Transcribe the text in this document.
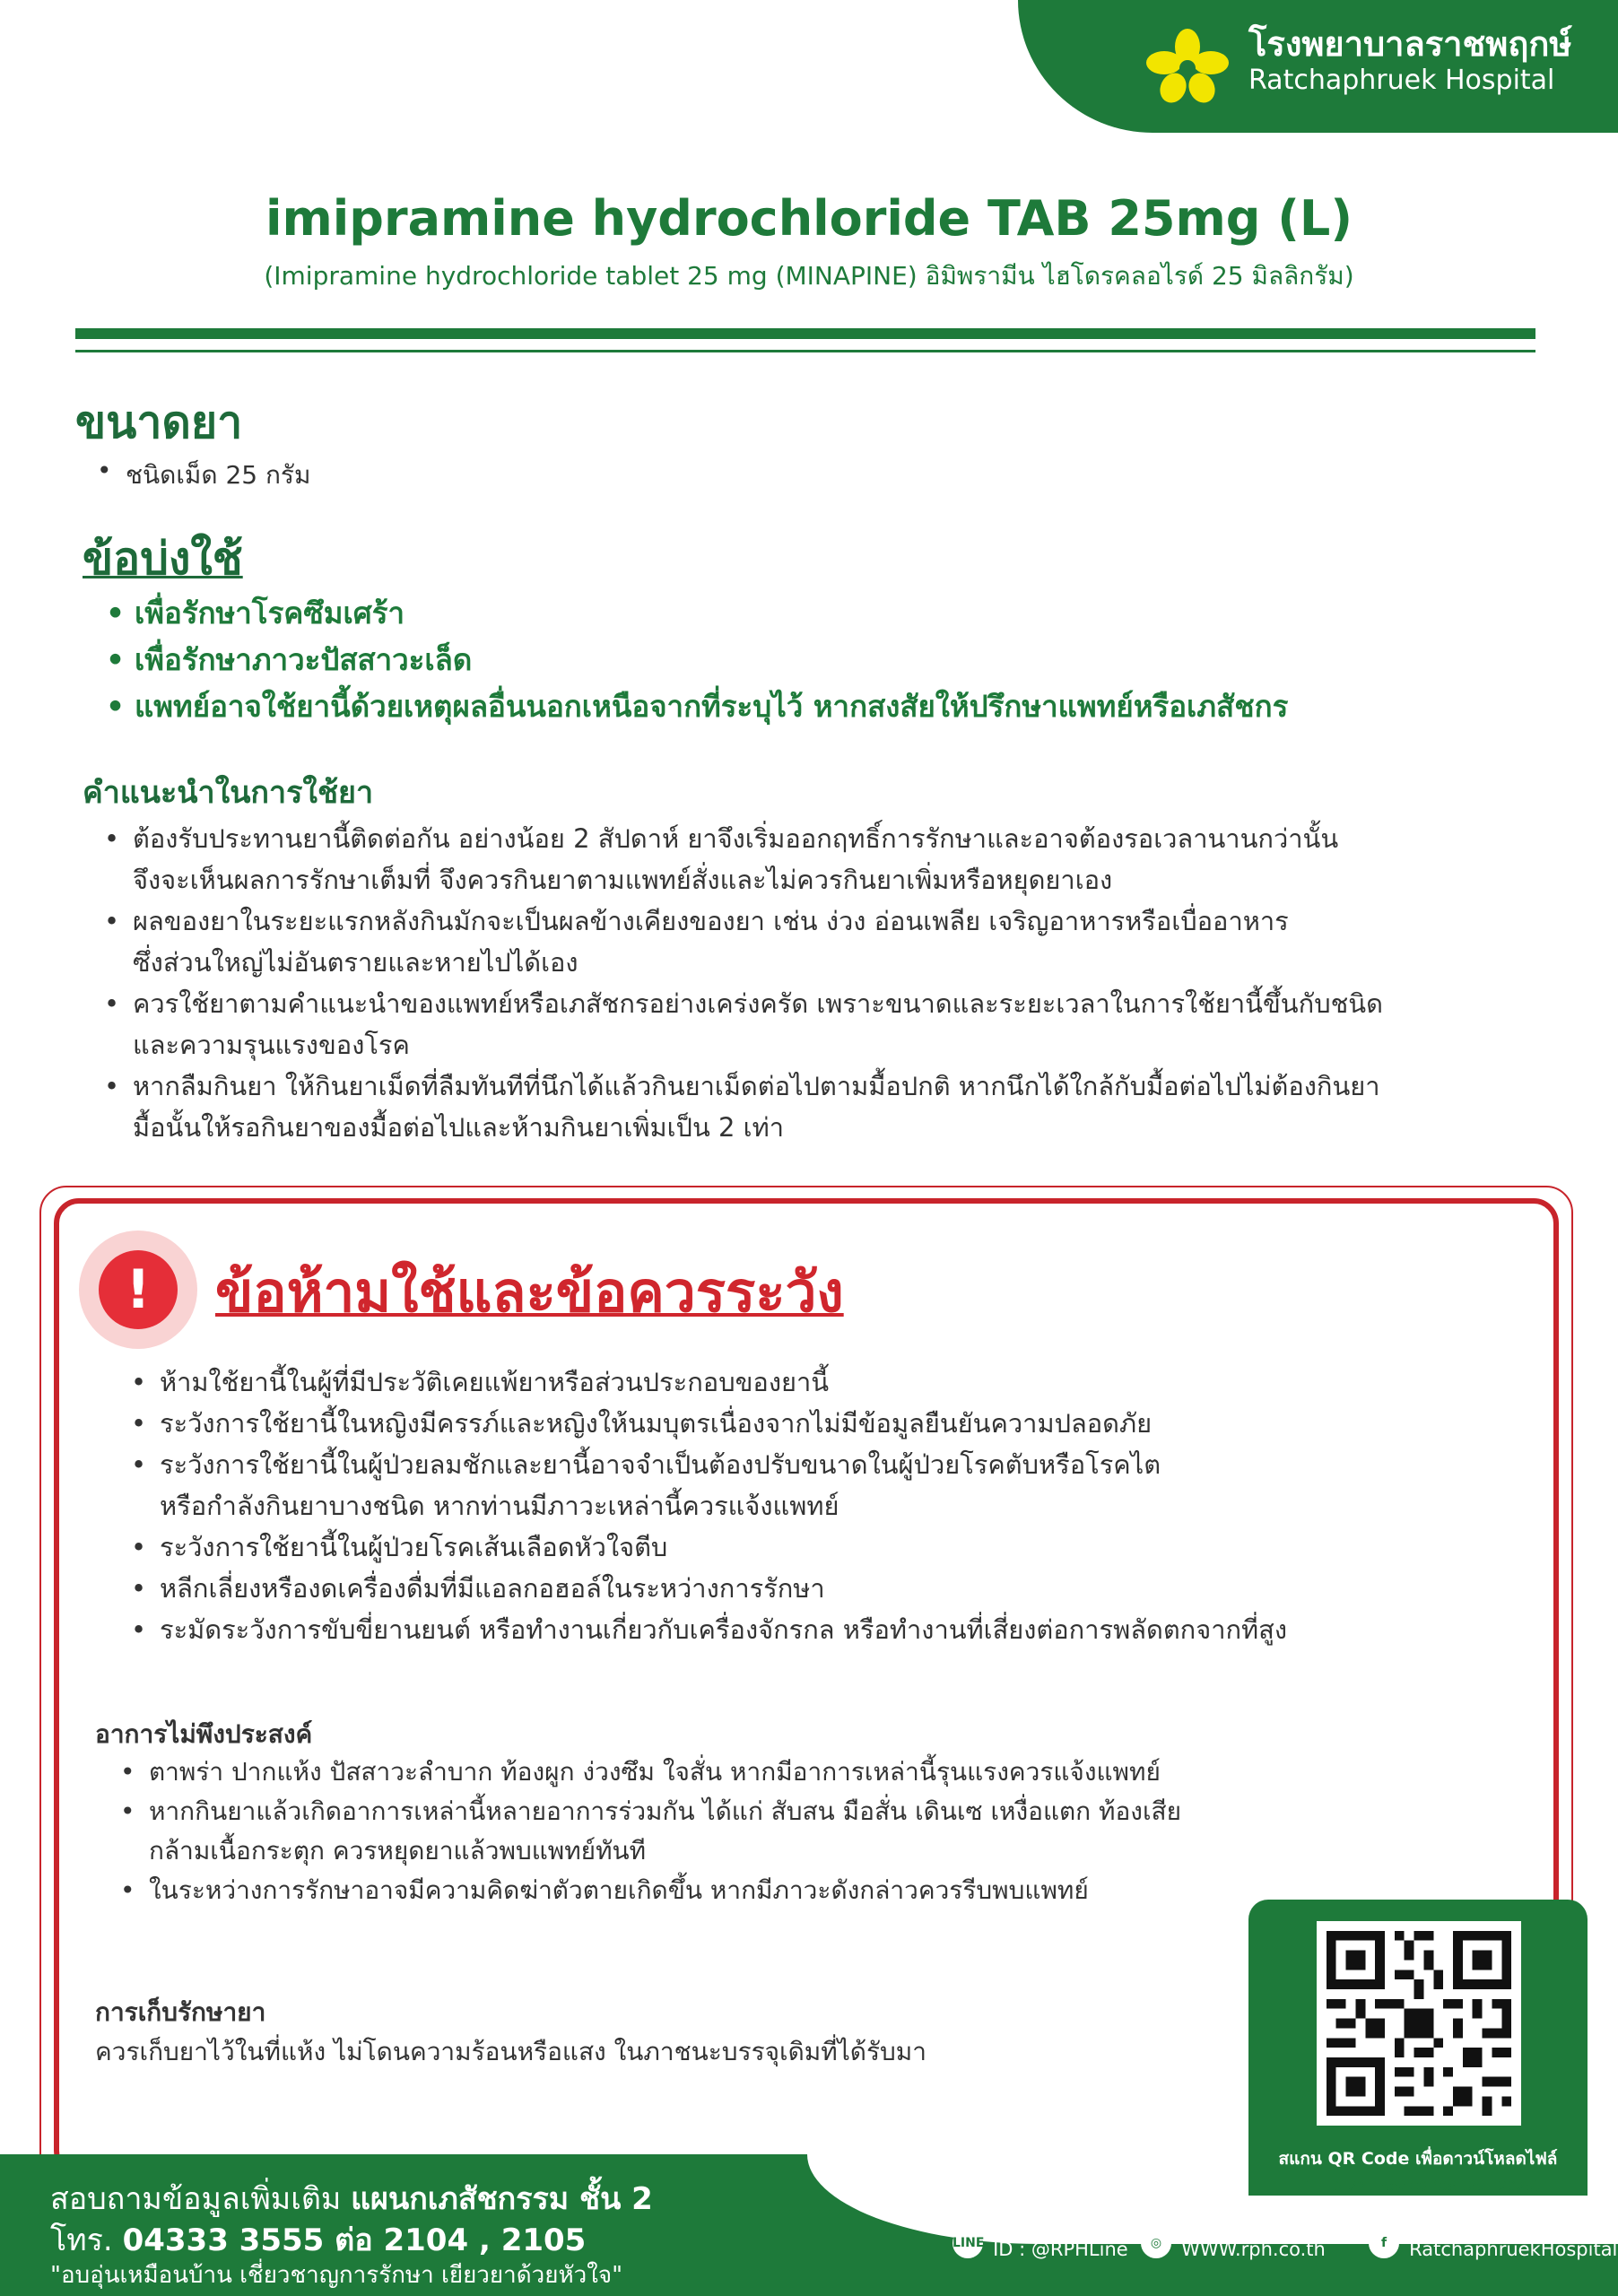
โรงพยาบาลราชพฤกษ์
Ratchaphruek Hospital
imipramine hydrochloride TAB 25mg (L)
(Imipramine hydrochloride tablet 25 mg (MINAPINE) อิมิพรามีน ไฮโดรคลอไรด์ 25 มิลลิกรัม)
ขนาดยา
• ชนิดเม็ด 25 กรัม
ข้อบ่งใช้
• เพื่อรักษาโรคซึมเศร้า
• เพื่อรักษาภาวะปัสสาวะเล็ด
• แพทย์อาจใช้ยานี้ด้วยเหตุผลอื่นนอกเหนือจากที่ระบุไว้ หากสงสัยให้ปรึกษาแพทย์หรือเภสัชกร
คำแนะนำในการใช้ยา
• ต้องรับประทานยานี้ติดต่อกัน อย่างน้อย 2 สัปดาห์ ยาจึงเริ่มออกฤทธิ์การรักษาและอาจต้องรอเวลานานกว่านั้น
จึงจะเห็นผลการรักษาเต็มที่ จึงควรกินยาตามแพทย์สั่งและไม่ควรกินยาเพิ่มหรือหยุดยาเอง
• ผลของยาในระยะแรกหลังกินมักจะเป็นผลข้างเคียงของยา เช่น ง่วง อ่อนเพลีย เจริญอาหารหรือเบื่ออาหาร
ซึ่งส่วนใหญ่ไม่อันตรายและหายไปได้เอง
• ควรใช้ยาตามคำแนะนำของแพทย์หรือเภสัชกรอย่างเคร่งครัด เพราะขนาดและระยะเวลาในการใช้ยานี้ขึ้นกับชนิด
และความรุนแรงของโรค
• หากลืมกินยา ให้กินยาเม็ดที่ลืมทันทีที่นึกได้แล้วกินยาเม็ดต่อไปตามมื้อปกติ หากนึกได้ใกล้กับมื้อต่อไปไม่ต้องกินยา
มื้อนั้นให้รอกินยาของมื้อต่อไปและห้ามกินยาเพิ่มเป็น 2 เท่า
!	ข้อห้ามใช้และข้อควรระวัง
• ห้ามใช้ยานี้ในผู้ที่มีประวัติเคยแพ้ยาหรือส่วนประกอบของยานี้
• ระวังการใช้ยานี้ในหญิงมีครรภ์และหญิงให้นมบุตรเนื่องจากไม่มีข้อมูลยืนยันความปลอดภัย
• ระวังการใช้ยานี้ในผู้ป่วยลมชักและยานี้อาจจำเป็นต้องปรับขนาดในผู้ป่วยโรคตับหรือโรคไต
หรือกำลังกินยาบางชนิด หากท่านมีภาวะเหล่านี้ควรแจ้งแพทย์
• ระวังการใช้ยานี้ในผู้ป่วยโรคเส้นเลือดหัวใจตีบ
• หลีกเลี่ยงหรืองดเครื่องดื่มที่มีแอลกอฮอล์ในระหว่างการรักษา
• ระมัดระวังการขับขี่ยานยนต์ หรือทำงานเกี่ยวกับเครื่องจักรกล หรือทำงานที่เสี่ยงต่อการพลัดตกจากที่สูง
อาการไม่พึงประสงค์
• ตาพร่า ปากแห้ง ปัสสาวะลำบาก ท้องผูก ง่วงซึม ใจสั่น หากมีอาการเหล่านี้รุนแรงควรแจ้งแพทย์
• หากกินยาแล้วเกิดอาการเหล่านี้หลายอาการร่วมกัน ได้แก่ สับสน มือสั่น เดินเซ เหงื่อแตก ท้องเสีย
กล้ามเนื้อกระตุก ควรหยุดยาแล้วพบแพทย์ทันที
• ในระหว่างการรักษาอาจมีความคิดฆ่าตัวตายเกิดขึ้น หากมีภาวะดังกล่าวควรรีบพบแพทย์
การเก็บรักษายา
ควรเก็บยาไว้ในที่แห้ง ไม่โดนความร้อนหรือแสง ในภาชนะบรรจุเดิมที่ได้รับมา
สอบถามข้อมูลเพิ่มเติม แผนกเภสัชกรรม ชั้น 2
โทร. 04333 3555 ต่อ 2104 , 2105
"อบอุ่นเหมือนบ้าน เชี่ยวชาญการรักษา เยียวยาด้วยหัวใจ"
สแกน QR Code เพื่อดาวน์โหลดไฟล์
IF-PHA-281 Rev.00 (08 Dec. 2025)
LINE
LINE
ID : @RPHLine	◎
WEBSITE
WWW.rph.co.th	f
FACEBOOK
RatchaphruekHospital
